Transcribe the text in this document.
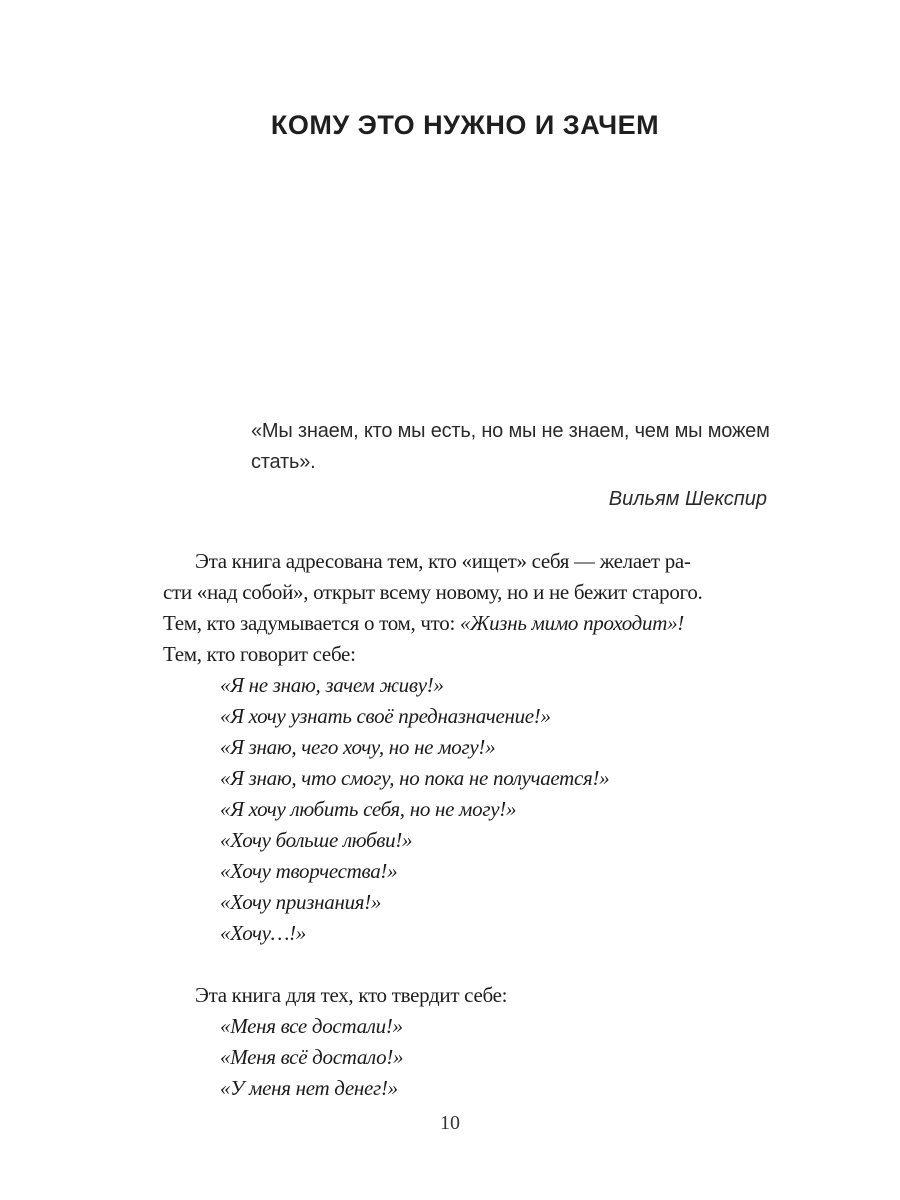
КОМУ ЭТО НУЖНО И ЗАЧЕМ
«Мы знаем, кто мы есть, но мы не знаем, чем мы можем
стать».
Вильям Шекспир
Эта книга адресована тем, кто «ищет» себя — желает ра-
сти «над собой», открыт всему новому, но и не бежит старого.
Тем, кто задумывается о том, что: «Жизнь мимо проходит»!
Тем, кто говорит себе:
«Я не знаю, зачем живу!»
«Я хочу узнать своё предназначение!»
«Я знаю, чего хочу, но не могу!»
«Я знаю, что смогу, но пока не получается!»
«Я хочу любить себя, но не могу!»
«Хочу больше любви!»
«Хочу творчества!»
«Хочу признания!»
«Хочу…!»
Эта книга для тех, кто твердит себе:
«Меня все достали!»
«Меня всё достало!»
«У меня нет денег!»
10
